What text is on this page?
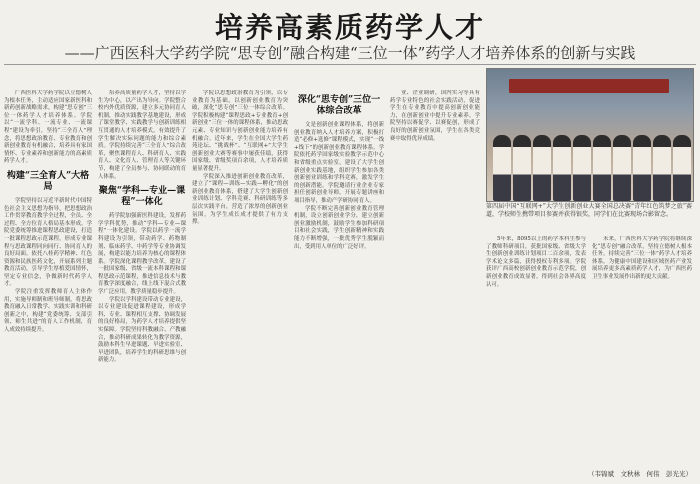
培养高素质药学人才
——广西医科大学药学院“思专创”融合构建“三位一体”药学人才培养体系的创新与实践

广西医科大学药学院以立德树人为根本任务，主动适应国家新医科和新药创新战略需求，构建“思专创”三位一体药学人才培养体系。学院以“一流学科、一流专业、一流课程”建设为牵引，坚持“三全育人”理念，将思想政治教育、专业教育和创新创业教育有机融合，培养具有家国情怀、专业素养和创新能力的高素质药学人才。

构建“三全育人”大格局

学院坚持以习近平新时代中国特色社会主义思想为指导，把思想政治工作贯穿教育教学全过程，全员、全过程、全方位育人格局基本形成。学院党委统筹推进课程思政建设，打造一批课程思政示范课程，形成专业课程与思政课程同向同行、协同育人的良好局面。依托八桂药学精神、红色资源和民族医药文化，开展系列主题教育活动，引导学生厚植爱国情怀，坚定专业信念，争做新时代药学人才。

学院注重发挥教师育人主体作用，实施导师制和班导师制，将思政教育融入日常教学、实践实训和科研创新之中，构建“党委统筹、支部引领、师生共进”的育人工作机制，育人成效持续提升。

培养高质量药学人才，坚持以学生为中心，以产出为导向。学院整合校内外优质资源，建立多元协同育人机制，推动实践教学基地建设，形成了课堂教学、实践教学与创新训练相互贯通的人才培养模式，有效提升了学生解决实际问题的能力和综合素质。学院持续完善“三全育人”综合改革，聚焦课程育人、科研育人、实践育人、文化育人、管理育人等关键环节，构建了全员参与、协同联动的育人体系。

聚焦“学科—专业—课程”一体化

药学院加强新医科建设，发挥药学学科优势，推动“学科—专业—课程”一体化建设。学院以药学一流学科建设为引领，带动药学、药物制剂、临床药学、中药学等专业协调发展，构建以能力培养为核心的课程体系。学院深化课程教学改革，建设了一批国家级、省级一流本科课程和课程思政示范课程，推进信息技术与教育教学深度融合，线上线下混合式教学广泛应用，教学质量稳步提升。

学院以学科建设带动专业建设，以专业建设促进课程建设，形成学科、专业、课程相互支撑、协调发展的良好格局，为药学人才培养提供坚实保障。学院坚持科教融合、产教融合，推动科研成果转化为教学资源，鼓励本科生早进课题、早进实验室、早进团队，培养学生的科研思维与创新能力。

学院以思想政治教育为引领，以专业教育为基础，以创新创业教育为突破，深化“思专创”三位一体综合改革。学院积极构建“课程思政+专业教育+创新创业”三位一体的课程体系，推动思政元素、专业知识与创新创业能力培养有机融合。近年来，学生在全国大学生药苑论坛、“挑战杯”、“互联网+”大学生创新创业大赛等赛事中屡获佳绩，获得国家级、省级奖项百余项，人才培养质量显著提升。

学院深入推进创新创业教育改革，建立了“课程—训练—实践—孵化”的创新创业教育体系，搭建了大学生创新创业训练计划、学科竞赛、科研训练等多层次实践平台，营造了浓厚的创新创业氛围，为学生成长成才提供了有力支撑。

深化“思专创”三位一体综合改革

文是创新创业课程体系，将创新创业教育纳入人才培养方案，积极打造“必修+选修”课程模式，实现“一线+线下”的创新创业教育课程体系。学院依托药学国家级实验教学示范中心和省级重点实验室，建设了大学生创新创业实践基地，组织学生参加各类创新创业训练和学科竞赛，激发学生的创新潜能。学院邀请行业企业专家担任创新创业导师，开展专题讲座和项目指导，推动产学研协同育人。

学院不断完善创新创业教育管理机制，设立创新创业学分，建立创新创业激励机制，鼓励学生参加科研项目和社会实践，学生创新精神和实践能力不断增强，一批优秀学生脱颖而出，受到用人单位的广泛好评。

业、企业调研，国内实习等具有药学专业特色的社会实践活动，促进学生在专业教育中提高创新创业能力，在创新创业中提升专业素养。学院坚持以赛促学、以赛促创，形成了良好的创新创业氛围，学生在各类竞赛中取得优异成绩。

第四届中国“互联网+”大学生创新创业大赛全国总决赛“青年红色筑梦之旅”赛道，学校师生携带项目参赛并获得银奖，同学们在比赛现场合影留念。

5年来，8095以上的药学本科生参与了教师科研项目，获批国家级、省级大学生创新创业训练计划项目二百余项，发表学术论文多篇，获得授权专利多项。学院获评广西高校创新创业教育示范学院，创新创业教育成效显著，得到社会各界高度认可。

未来，广西医科大学药学院将继续深化“思专创”融合改革，坚持立德树人根本任务，持续完善“三位一体”药学人才培养体系，为健康中国建设和区域医药产业发展培养更多高素质药学人才，为广西医药卫生事业发展作出新的更大贡献。

（韦锦斌　文秋林　何伟　彭光光）
